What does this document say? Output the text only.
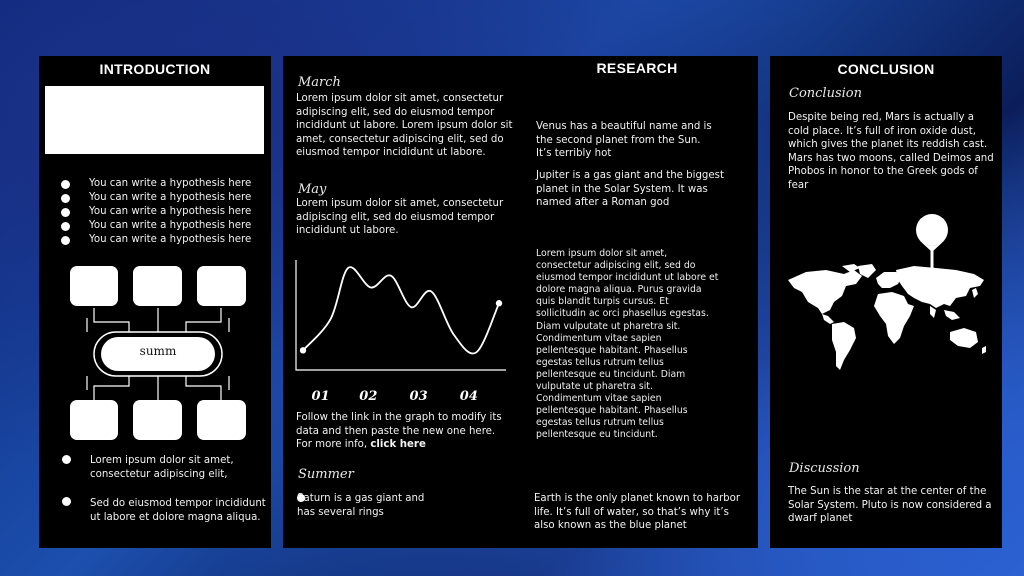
INTRODUCTION
You can write a hypothesis here
You can write a hypothesis here
You can write a hypothesis here
You can write a hypothesis here
You can write a hypothesis here
summ
Lorem ipsum dolor sit amet, consectetur adipiscing elit,
Sed do eiusmod tempor incididunt ut labore et dolore magna aliqua.
RESEARCH
March
Lorem ipsum dolor sit amet, consectetur adipiscing elit, sed do eiusmod tempor incididunt ut labore. Lorem ipsum dolor sit amet, consectetur adipiscing elit, sed do eiusmod tempor incididunt ut labore.
May
Lorem ipsum dolor sit amet, consectetur adipiscing elit, sed do eiusmod tempor incididunt ut labore.
01 02 03 04
Follow the link in the graph to modify its data and then paste the new one here. For more info, click here
Summer
Saturn is a gas giant and has several rings
Venus has a beautiful name and is the second planet from the Sun. It’s terribly hot
Jupiter is a gas giant and the biggest planet in the Solar System. It was named after a Roman god
Lorem ipsum dolor sit amet, consectetur adipiscing elit, sed do eiusmod tempor incididunt ut labore et dolore magna aliqua. Purus gravida quis blandit turpis cursus. Et sollicitudin ac orci phasellus egestas. Diam vulputate ut pharetra sit. Condimentum vitae sapien pellentesque habitant. Phasellus egestas tellus rutrum tellus pellentesque eu tincidunt. Diam vulputate ut pharetra sit. Condimentum vitae sapien pellentesque habitant. Phasellus egestas tellus rutrum tellus pellentesque eu tincidunt.
Earth is the only planet known to harbor life. It’s full of water, so that’s why it’s also known as the blue planet
CONCLUSION
Conclusion
Despite being red, Mars is actually a cold place. It’s full of iron oxide dust, which gives the planet its reddish cast. Mars has two moons, called Deimos and Phobos in honor to the Greek gods of fear
Discussion
The Sun is the star at the center of the Solar System. Pluto is now considered a dwarf planet
